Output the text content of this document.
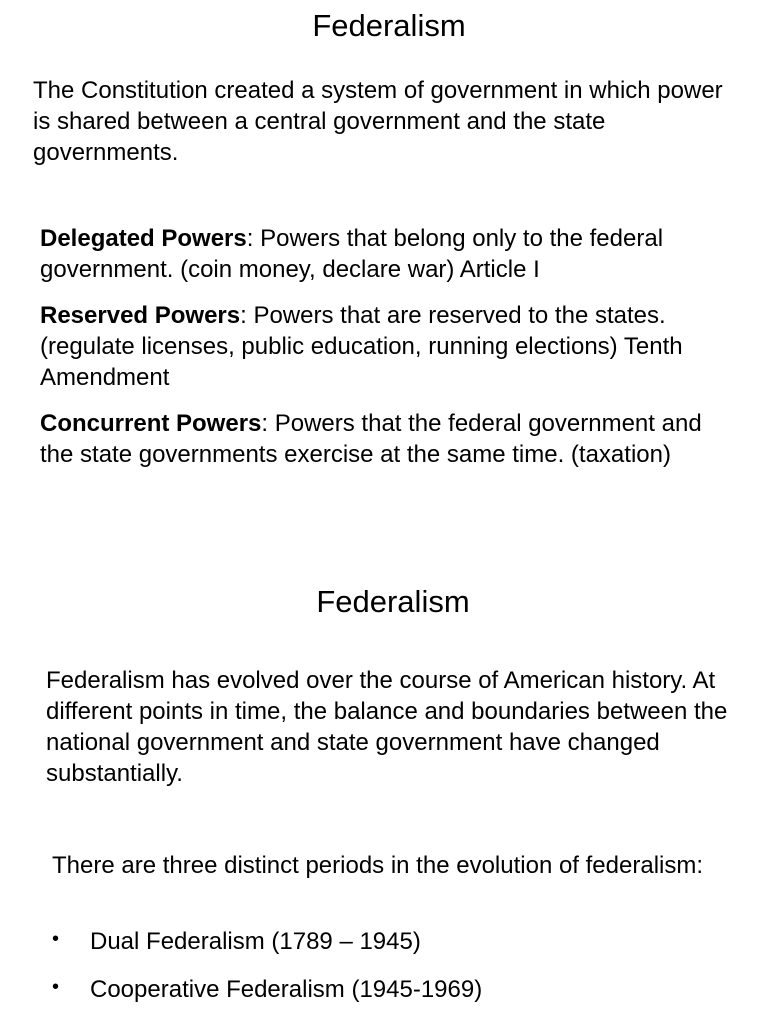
Federalism
The Constitution created a system of government in which power is shared between a central government and the state governments.
Delegated Powers: Powers that belong only to the federal government. (coin money, declare war) Article I
Reserved Powers: Powers that are reserved to the states. (regulate licenses, public education, running elections) Tenth Amendment
Concurrent Powers: Powers that the federal government and the state governments exercise at the same time. (taxation)
Federalism
Federalism has evolved over the course of American history. At different points in time, the balance and boundaries between the national government and state government have changed substantially.
There are three distinct periods in the evolution of federalism:
• Dual Federalism (1789 – 1945)
• Cooperative Federalism (1945-1969)
